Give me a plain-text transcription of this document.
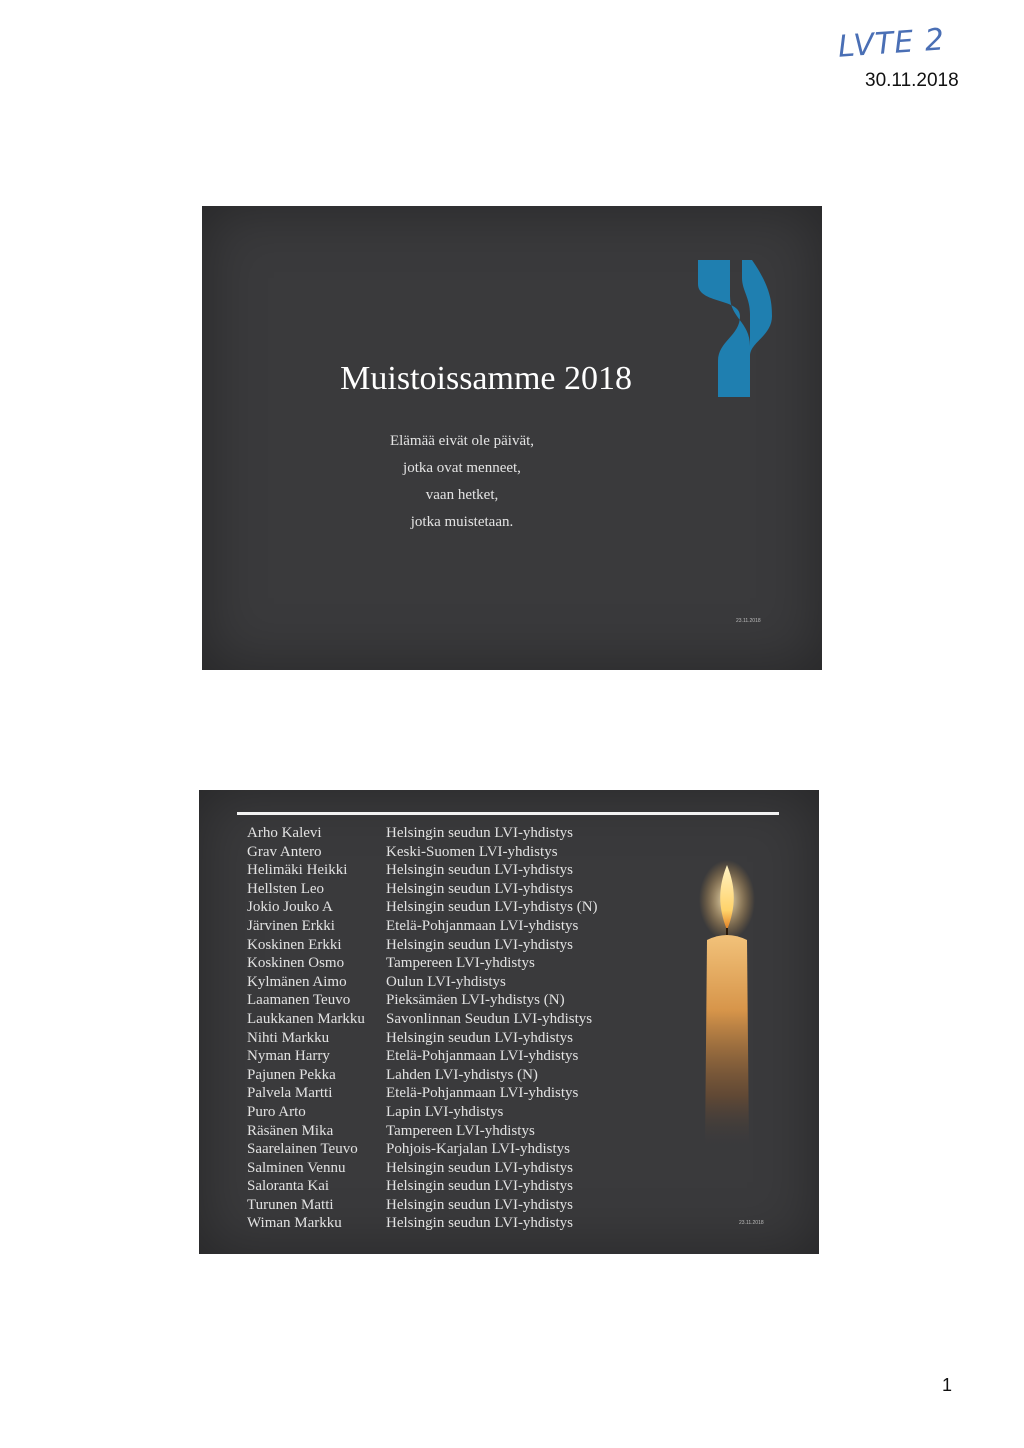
LVTE 2
30.11.2018
Muistoissamme 2018
Elämää eivät ole päivät,
jotka ovat menneet,
vaan hetket,
jotka muistetaan.
23.11.2018
Arho Kalevi	Helsingin seudun LVI-yhdistys
Grav Antero	Keski-Suomen LVI-yhdistys
Helimäki Heikki	Helsingin seudun LVI-yhdistys
Hellsten Leo	Helsingin seudun LVI-yhdistys
Jokio Jouko A	Helsingin seudun LVI-yhdistys (N)
Järvinen Erkki	Etelä-Pohjanmaan LVI-yhdistys
Koskinen Erkki	Helsingin seudun LVI-yhdistys
Koskinen Osmo	Tampereen LVI-yhdistys
Kylmänen Aimo	Oulun LVI-yhdistys
Laamanen Teuvo	Pieksämäen LVI-yhdistys (N)
Laukkanen Markku	Savonlinnan Seudun LVI-yhdistys
Nihti Markku	Helsingin seudun LVI-yhdistys
Nyman Harry	Etelä-Pohjanmaan LVI-yhdistys
Pajunen Pekka	Lahden LVI-yhdistys (N)
Palvela Martti	Etelä-Pohjanmaan LVI-yhdistys
Puro Arto	Lapin LVI-yhdistys
Räsänen Mika	Tampereen LVI-yhdistys
Saarelainen Teuvo	Pohjois-Karjalan LVI-yhdistys
Salminen Vennu	Helsingin seudun LVI-yhdistys
Saloranta Kai	Helsingin seudun LVI-yhdistys
Turunen Matti	Helsingin seudun LVI-yhdistys
Wiman Markku	Helsingin seudun LVI-yhdistys	23.11.2018
1
